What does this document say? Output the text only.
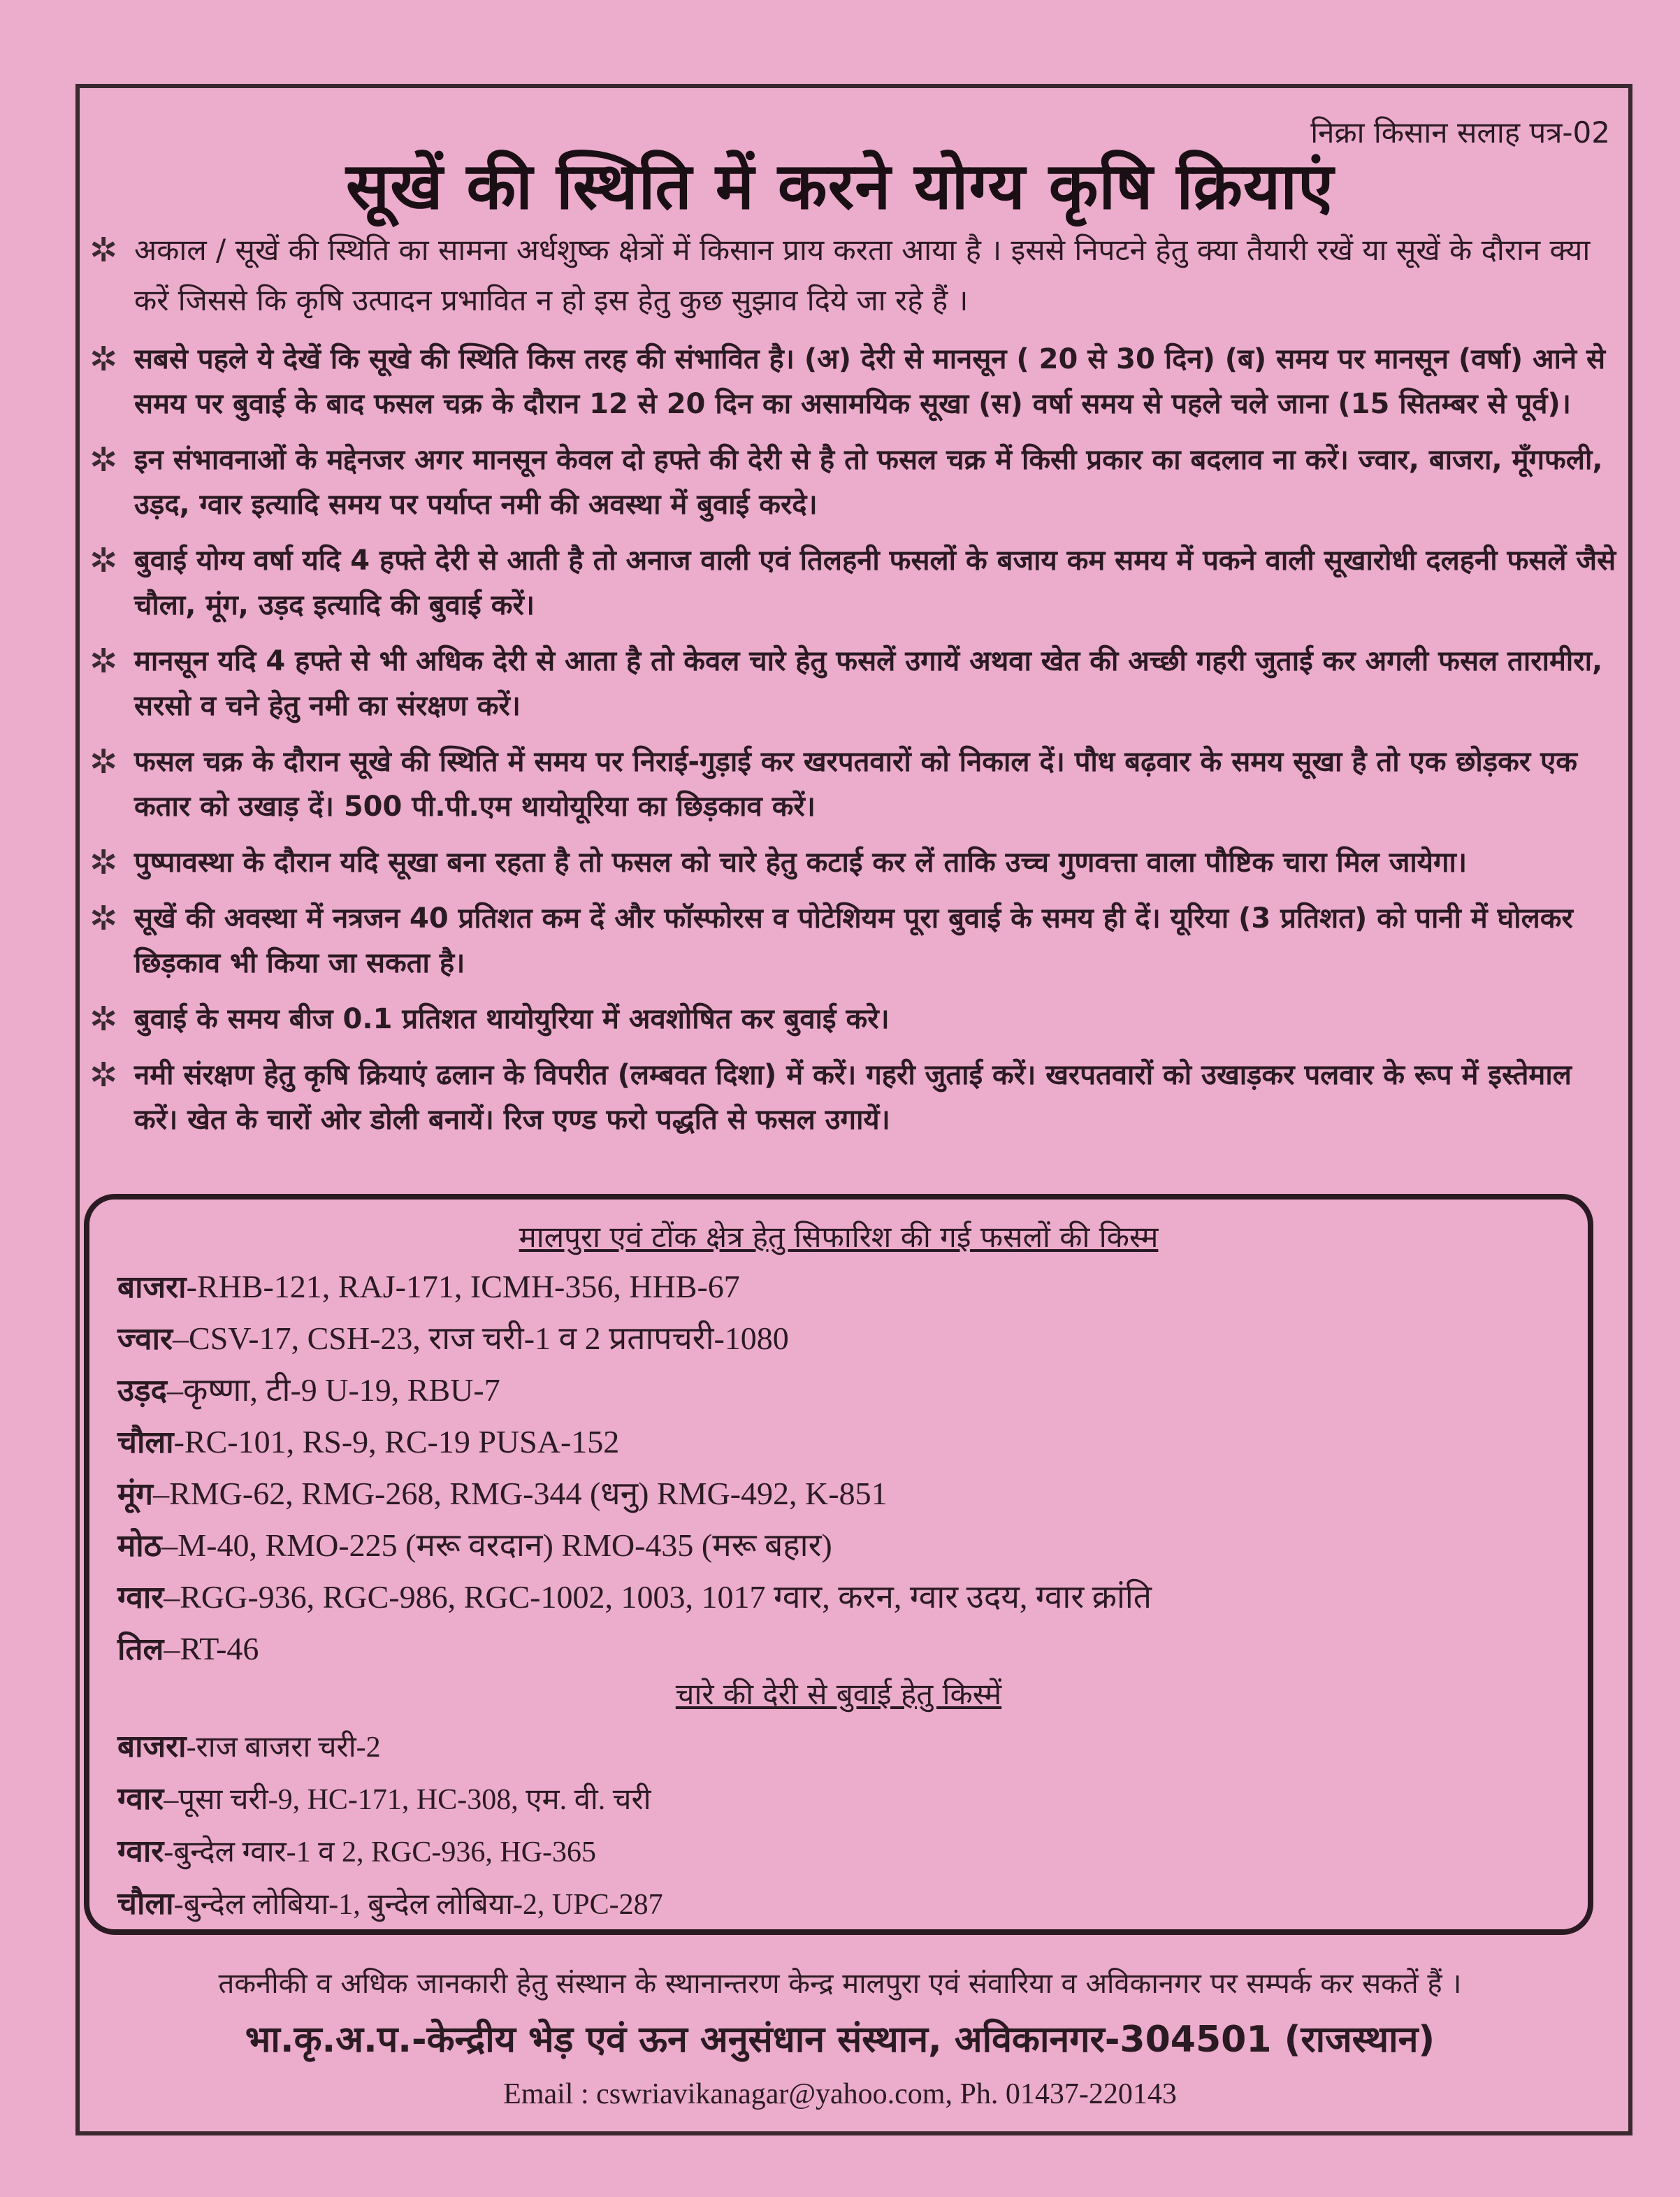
निक्रा किसान सलाह पत्र-02
सूखें की स्थिति में करने योग्य कृषि क्रियाएं
✲ अकाल / सूखें की स्थिति का सामना अर्धशुष्क क्षेत्रों में किसान प्राय करता आया है । इससे निपटने हेतु क्या तैयारी रखें या सूखें के दौरान क्या करें जिससे कि कृषि उत्पादन प्रभावित न हो इस हेतु कुछ सुझाव दिये जा रहे हैं ।
✲ सबसे पहले ये देखें कि सूखे की स्थिति किस तरह की संभावित है। (अ) देरी से मानसून ( 20 से 30 दिन) (ब) समय पर मानसून (वर्षा) आने से समय पर बुवाई के बाद फसल चक्र के दौरान 12 से 20 दिन का असामयिक सूखा (स) वर्षा समय से पहले चले जाना (15 सितम्बर से पूर्व)।
✲ इन संभावनाओं के मद्देनजर अगर मानसून केवल दो हफ्ते की देरी से है तो फसल चक्र में किसी प्रकार का बदलाव ना करें। ज्वार, बाजरा, मूँगफली, उड़द, ग्वार इत्यादि समय पर पर्याप्त नमी की अवस्था में बुवाई करदे।
✲ बुवाई योग्य वर्षा यदि 4 हफ्ते देरी से आती है तो अनाज वाली एवं तिलहनी फसलों के बजाय कम समय में पकने वाली सूखारोधी दलहनी फसलें जैसे चौला, मूंग, उड़द इत्यादि की बुवाई करें।
✲ मानसून यदि 4 हफ्ते से भी अधिक देरी से आता है तो केवल चारे हेतु फसलें उगायें अथवा खेत की अच्छी गहरी जुताई कर अगली फसल तारामीरा, सरसो व चने हेतु नमी का संरक्षण करें।
✲ फसल चक्र के दौरान सूखे की स्थिति में समय पर निराई-गुड़ाई कर खरपतवारों को निकाल दें। पौध बढ़वार के समय सूखा है तो एक छोड़कर एक कतार को उखाड़ दें। 500 पी.पी.एम थायोयूरिया का छिड़काव करें।
✲ पुष्पावस्था के दौरान यदि सूखा बना रहता है तो फसल को चारे हेतु कटाई कर लें ताकि उच्च गुणवत्ता वाला पौष्टिक चारा मिल जायेगा।
✲ सूखें की अवस्था में नत्रजन 40 प्रतिशत कम दें और फॉस्फोरस व पोटेशियम पूरा बुवाई के समय ही दें। यूरिया (3 प्रतिशत) को पानी में घोलकर छिड़काव भी किया जा सकता है।
✲ बुवाई के समय बीज 0.1 प्रतिशत थायोयुरिया में अवशोषित कर बुवाई करे।
✲ नमी संरक्षण हेतु कृषि क्रियाएं ढलान के विपरीत (लम्बवत दिशा) में करें। गहरी जुताई करें। खरपतवारों को उखाड़कर पलवार के रूप में इस्तेमाल करें। खेत के चारों ओर डोली बनायें। रिज एण्ड फरो पद्धति से फसल उगायें।
मालपुरा एवं टोंक क्षेत्र हेतु सिफारिश की गई फसलों की किस्म
बाजरा-RHB-121, RAJ-171, ICMH-356, HHB-67
ज्वार–CSV-17, CSH-23, राज चरी-1 व 2 प्रतापचरी-1080
उड़द–कृष्णा, टी-9 U-19, RBU-7
चौला-RC-101, RS-9, RC-19 PUSA-152
मूंग–RMG-62, RMG-268, RMG-344 (धनु) RMG-492, K-851
मोठ–M-40, RMO-225 (मरू वरदान) RMO-435 (मरू बहार)
ग्वार–RGG-936, RGC-986, RGC-1002, 1003, 1017 ग्वार, करन, ग्वार उदय, ग्वार क्रांति
तिल–RT-46
चारे की देरी से बुवाई हेतु किस्में
बाजरा-राज बाजरा चरी-2
ग्वार–पूसा चरी-9, HC-171, HC-308, एम. वी. चरी
ग्वार-बुन्देल ग्वार-1 व 2, RGC-936, HG-365
चौला-बुन्देल लोबिया-1, बुन्देल लोबिया-2, UPC-287
तकनीकी व अधिक जानकारी हेतु संस्थान के स्थानान्तरण केन्द्र मालपुरा एवं संवारिया व अविकानगर पर सम्पर्क कर सकतें हैं ।
भा.कृ.अ.प.-केन्द्रीय भेड़ एवं ऊन अनुसंधान संस्थान, अविकानगर-304501 (राजस्थान)
Email : cswriavikanagar@yahoo.com, Ph. 01437-220143
